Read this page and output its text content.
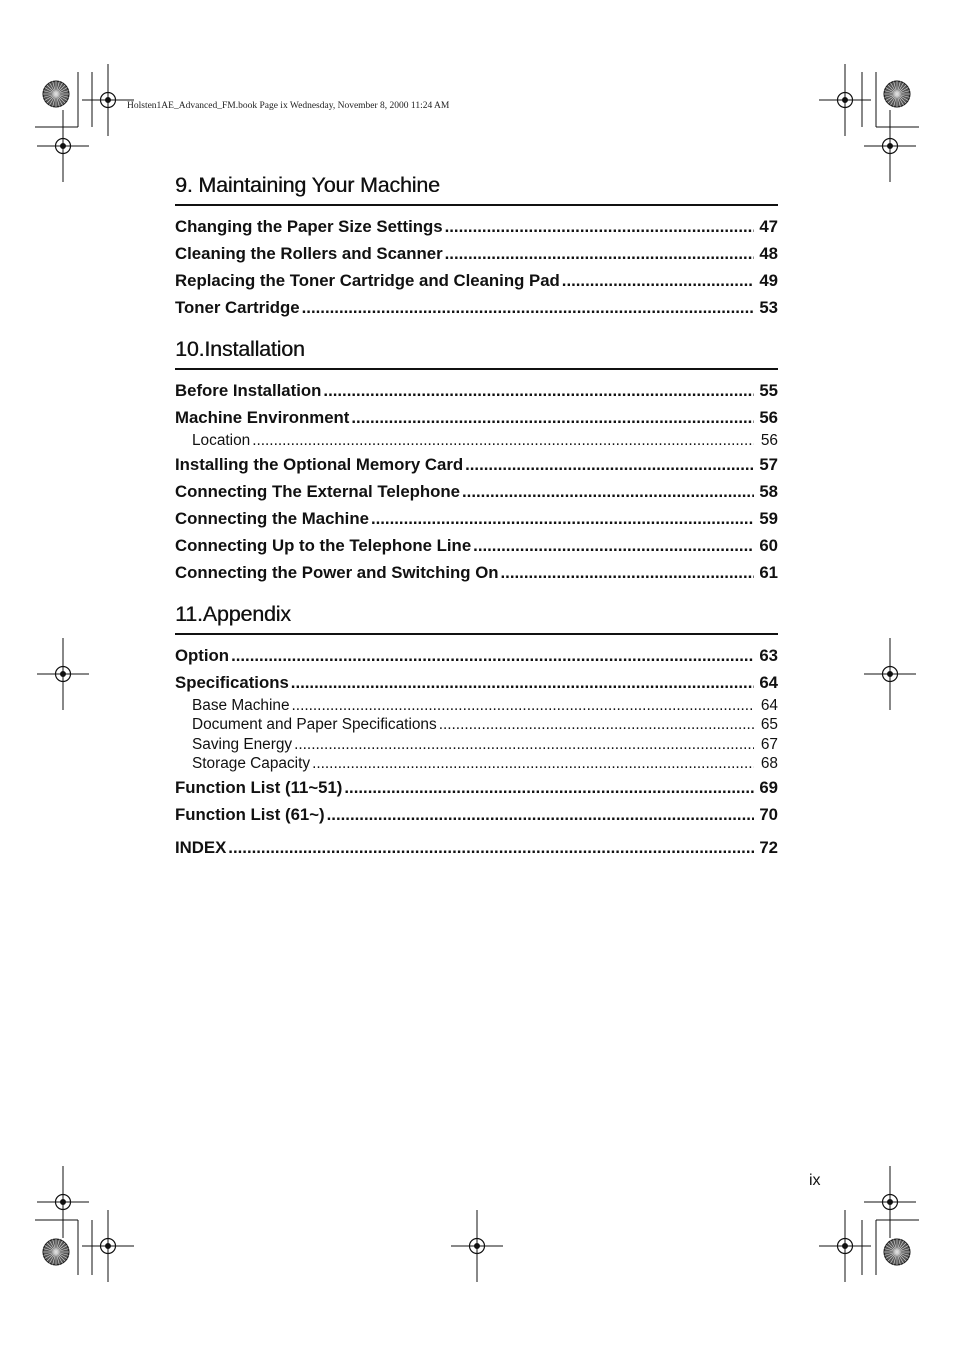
Holsten1AE_Advanced_FM.book Page ix Wednesday, November 8, 2000 11:24 AM
9. Maintaining Your Machine
Changing the Paper Size Settings .....	47
Cleaning the Rollers and Scanner .....	48
Replacing the Toner Cartridge and Cleaning Pad .....	49
Toner Cartridge .....	53
10.Installation
Before Installation .....	55
Machine Environment .....	56
Location .....	56
Installing the Optional Memory Card .....	57
Connecting The External Telephone .....	58
Connecting the Machine .....	59
Connecting Up to the Telephone Line .....	60
Connecting the Power and Switching On .....	61
11.Appendix
Option .....	63
Specifications .....	64
Base Machine .....	64
Document and Paper Specifications .....	65
Saving Energy .....	67
Storage Capacity .....	68
Function List (11~51) .....	69
Function List (61~) .....	70
INDEX .....	72
ix
